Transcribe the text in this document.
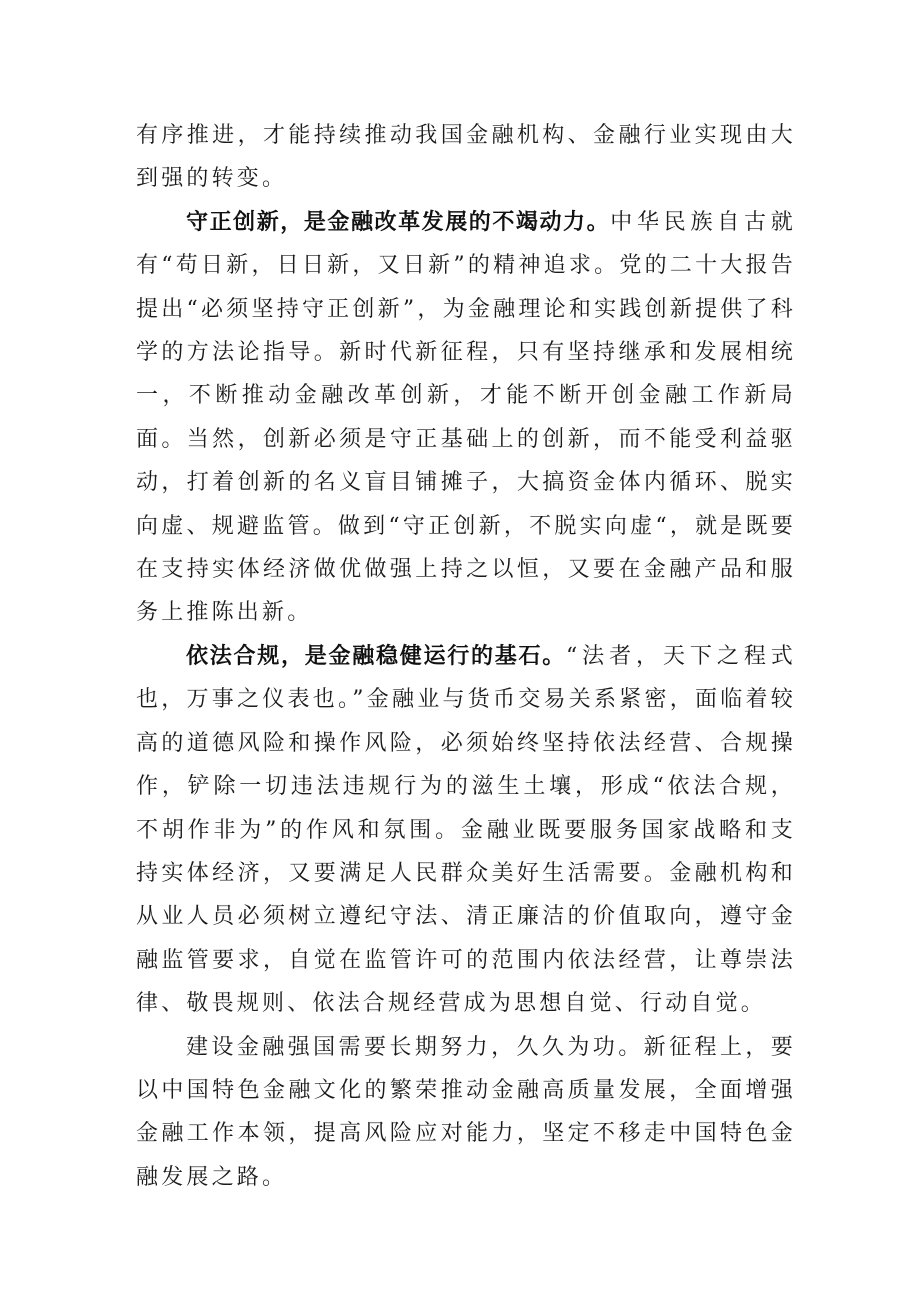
有序推进，才能持续推动我国金融机构、金融行业实现由大到强的转变。

守正创新，是金融改革发展的不竭动力。中华民族自古就有“苟日新，日日新，又日新”的精神追求。党的二十大报告提出“必须坚持守正创新”，为金融理论和实践创新提供了科学的方法论指导。新时代新征程，只有坚持继承和发展相统一，不断推动金融改革创新，才能不断开创金融工作新局面。当然，创新必须是守正基础上的创新，而不能受利益驱动，打着创新的名义盲目铺摊子，大搞资金体内循环、脱实向虚、规避监管。做到“守正创新，不脱实向虚“，就是既要在支持实体经济做优做强上持之以恒，又要在金融产品和服务上推陈出新。

依法合规，是金融稳健运行的基石。“法者，天下之程式也，万事之仪表也。”金融业与货币交易关系紧密，面临着较高的道德风险和操作风险，必须始终坚持依法经营、合规操作，铲除一切违法违规行为的滋生土壤，形成“依法合规，不胡作非为”的作风和氛围。金融业既要服务国家战略和支持实体经济，又要满足人民群众美好生活需要。金融机构和从业人员必须树立遵纪守法、清正廉洁的价值取向，遵守金融监管要求，自觉在监管许可的范围内依法经营，让尊崇法律、敬畏规则、依法合规经营成为思想自觉、行动自觉。

建设金融强国需要长期努力，久久为功。新征程上，要以中国特色金融文化的繁荣推动金融高质量发展，全面增强金融工作本领，提高风险应对能力，坚定不移走中国特色金融发展之路。
